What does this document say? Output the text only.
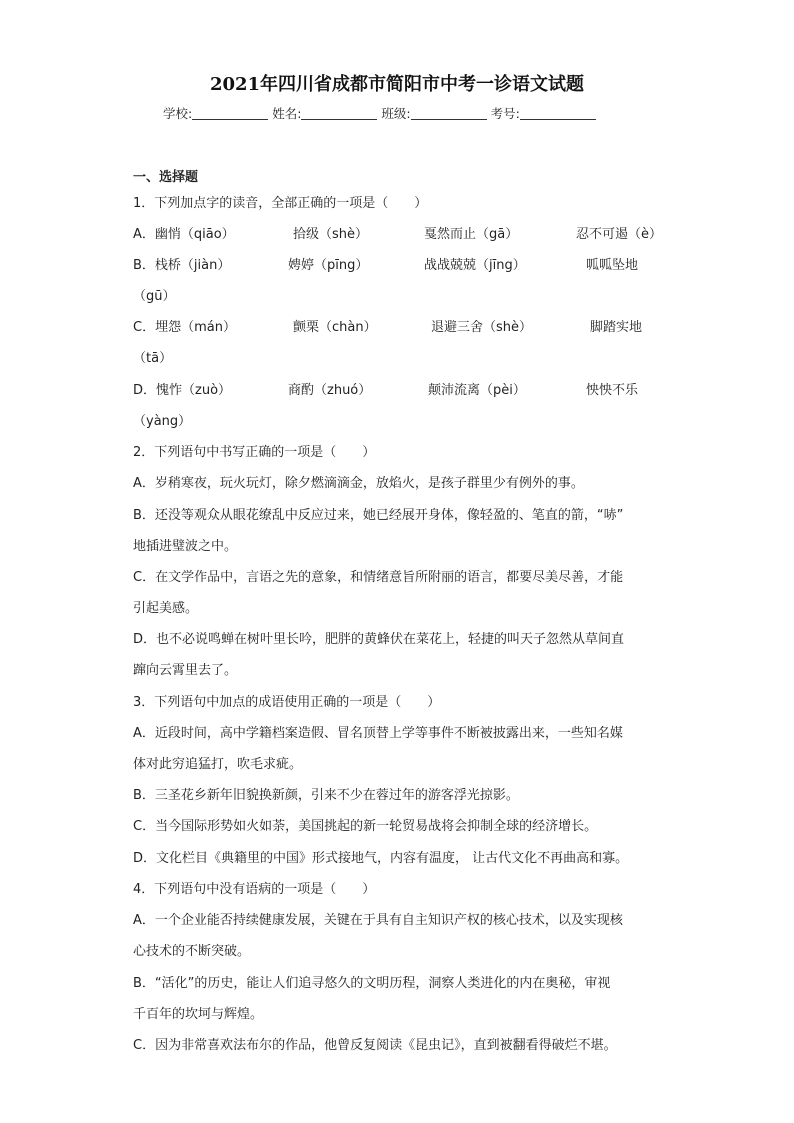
2021年四川省成都市简阳市中考一诊语文试题
学校:	姓名:	班级:	考号:
一、选择题
1．下列加点字的读音，全部正确的一项是（　　）
A．幽悄（qiāo）	拾级（shè）	戛然而止（gā）	忍不可遏（è）
B．栈桥（jiàn）	娉婷（pīng）	战战兢兢（jīng）	呱呱坠地
（gū）
C．埋怨（mán）	颤栗（chàn）	退避三舍（shè）	脚踏实地
（tā）
D．愧怍（zuò）	商酌（zhuó）	颠沛流离（pèi）	怏怏不乐
（yàng）
2．下列语句中书写正确的一项是（　　）
A．岁稍寒夜，玩火玩灯，除夕燃滴滴金，放焰火，是孩子群里少有例外的事。
B．还没等观众从眼花缭乱中反应过来，她已经展开身体，像轻盈的、笔直的箭，“哧”
地插进璧波之中。
C．在文学作品中，言语之先的意象，和情绪意旨所附丽的语言，都要尽美尽善，才能
引起美感。
D．也不必说鸣蝉在树叶里长吟，肥胖的黄蜂伏在菜花上，轻捷的叫天子忽然从草间直
蹿向云霄里去了。
3．下列语句中加点的成语使用正确的一项是（　　）
A．近段时间，高中学籍档案造假、冒名顶替上学等事件不断被披露出来，一些知名媒
体对此穷追猛打，吹毛求疵。
B．三圣花乡新年旧貌换新颜，引来不少在蓉过年的游客浮光掠影。
C．当今国际形势如火如荼，美国挑起的新一轮贸易战将会抑制全球的经济增长。
D．文化栏目《典籍里的中国》形式接地气，内容有温度， 让古代文化不再曲高和寡。
4．下列语句中没有语病的一项是（　　）
A．一个企业能否持续健康发展，关键在于具有自主知识产权的核心技术，以及实现核
心技术的不断突破。
B．“活化”的历史，能让人们追寻悠久的文明历程，洞察人类进化的内在奥秘，审视
千百年的坎坷与辉煌。
C．因为非常喜欢法布尔的作品，他曾反复阅读《昆虫记》，直到被翻看得破烂不堪。
